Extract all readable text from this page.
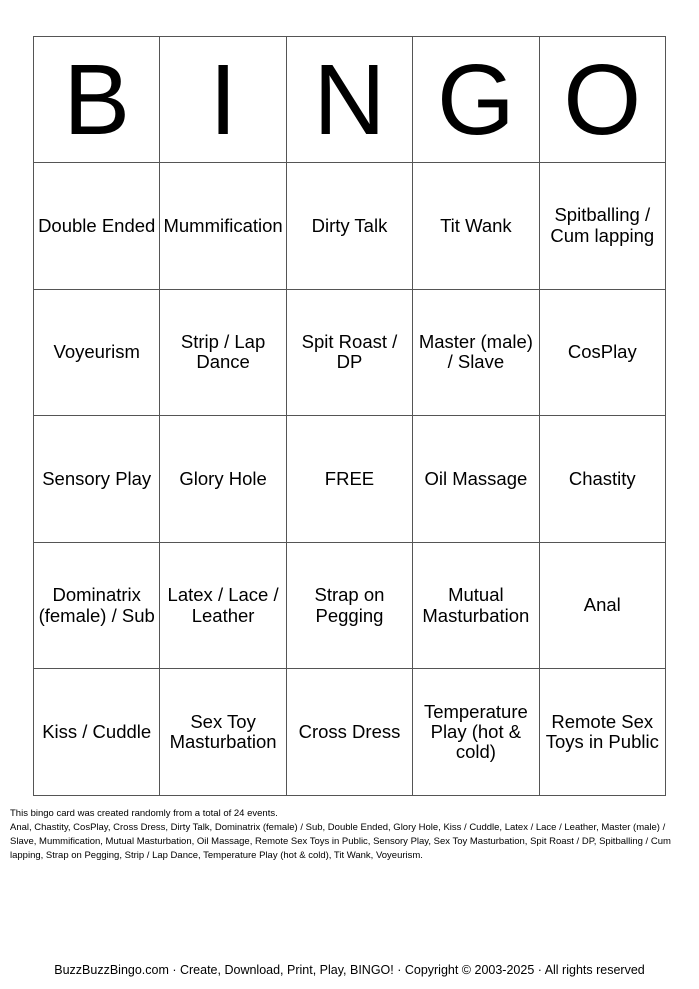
B	I	N	G	O
Double Ended	Mummification	Dirty Talk	Tit Wank	Spitballing / Cum lapping
Voyeurism	Strip / Lap Dance	Spit Roast / DP	Master (male) / Slave	CosPlay
Sensory Play	Glory Hole	FREE	Oil Massage	Chastity
Dominatrix (female) / Sub	Latex / Lace / Leather	Strap on Pegging	Mutual Masturbation	Anal
Kiss / Cuddle	Sex Toy Masturbation	Cross Dress	Temperature Play (hot & cold)	Remote Sex Toys in Public

This bingo card was created randomly from a total of 24 events.

Anal, Chastity, CosPlay, Cross Dress, Dirty Talk, Dominatrix (female) / Sub, Double Ended, Glory Hole, Kiss / Cuddle, Latex / Lace / Leather, Master (male) / Slave, Mummification, Mutual Masturbation, Oil Massage, Remote Sex Toys in Public, Sensory Play, Sex Toy Masturbation, Spit Roast / DP, Spitballing / Cum lapping, Strap on Pegging, Strip / Lap Dance, Temperature Play (hot & cold), Tit Wank, Voyeurism.

BuzzBuzzBingo.com · Create, Download, Print, Play, BINGO! · Copyright © 2003-2025 · All rights reserved
